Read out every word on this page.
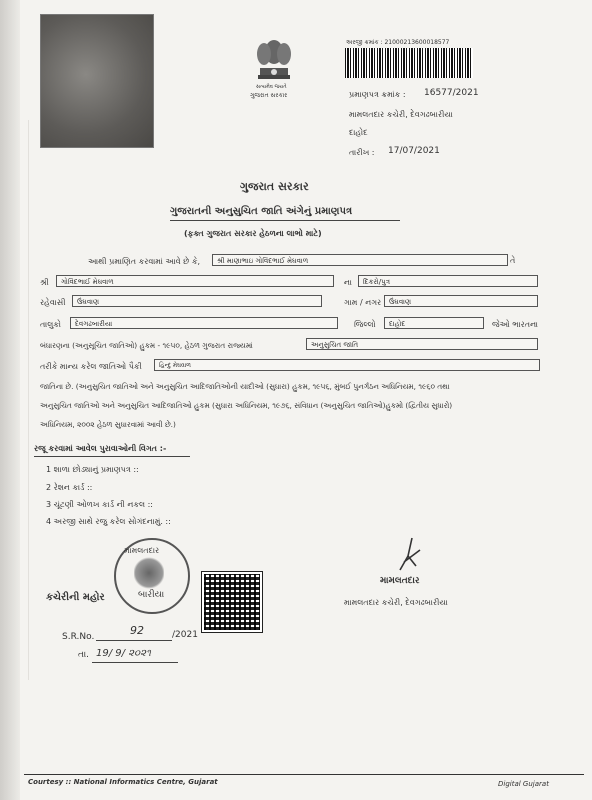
સત્યમેવ જયતે
ગુજરાત સરકાર
અરજી ક્રમાંક : 21000213600018577
પ્રમાણપત્ર ક્રમાંક : 16577/2021
મામલતદાર કચેરી, દેવગઢબારીયા
દાહોદ
તારીખ : 17/07/2021
ગુજરાત સરકાર
ગુજરાતની અનુસુચિત જાતિ અંગેનું પ્રમાણપત્ર
(ફક્ત ગુજરાત સરકાર હેઠળના લાભો માટે)
આથી પ્રમાણિત કરવામાં આવે છે કે,	શ્રી માણાભાઇ ગોવિંદભાઈ મેઘવાળ	તે
શ્રી	ગોવિંદભાઈ મેઘવાળ	ના	દિકરો/પુત્ર
રહેવાસી	ઉંઘવાણ	ગામ / નગર	ઉંઘવાણ
તાલુકો	દેવગઢબારીયા	જિલ્લો	દાહોદ	જેઓ ભારતના
બંધારણના (અનુસૂચિત જાતિઓ) હુકમ - ૧૯૫૦, હેઠળ ગુજરાત રાજ્યમાં	અનુસુચિત જાતિ
તરીકે માન્ય કરેલ જાતિઓ પૈકી	હિન્દુ મેઘવાળ
જાતિના છે. (અનુસુચિત જાતિઓ અને અનુસુચિત આદિજાતિઓની યાદીઓ (સુધારા) હુકમ, ૧૯૫૬, મુંબઈ પુનર્ગઠન અધિનિયમ, ૧૯૬૦ તથા
અનુસુચિત જાતિઓ અને અનુસુચિત આદિજાતિઓ હુકમ (સુધારા અધિનિયમ, ૧૯૭૬, સંવિધાન (અનુસુચિત જાતિઓ)હુકમો (દ્વિતીય સુધારો)
અધિનિયમ, ૨૦૦૨ હેઠળ સુધારવામાં આવી છે.)
રજૂ કરવામાં આવેલ પુરાવાઓની વિગત :-
1 શાળા છોડ્યાનું પ્રમાણપત્ર ::
2 રેશન કાર્ડ ::
3 ચૂંટણી ઓળખ કાર્ડ ની નકલ ::
4 અરજી સાથે રજુ કરેલ સોગંદનામું. ::
મામલતદાર
કચેરીની મહોર	બારીયા
S.R.No.	92	/2021
તા. 19/ 9/ ૨૦૨૧
મામલતદાર
મામલતદાર કચેરી, દેવગઢબારીયા
Courtesy :: National Informatics Centre, Gujarat	Digital Gujarat
